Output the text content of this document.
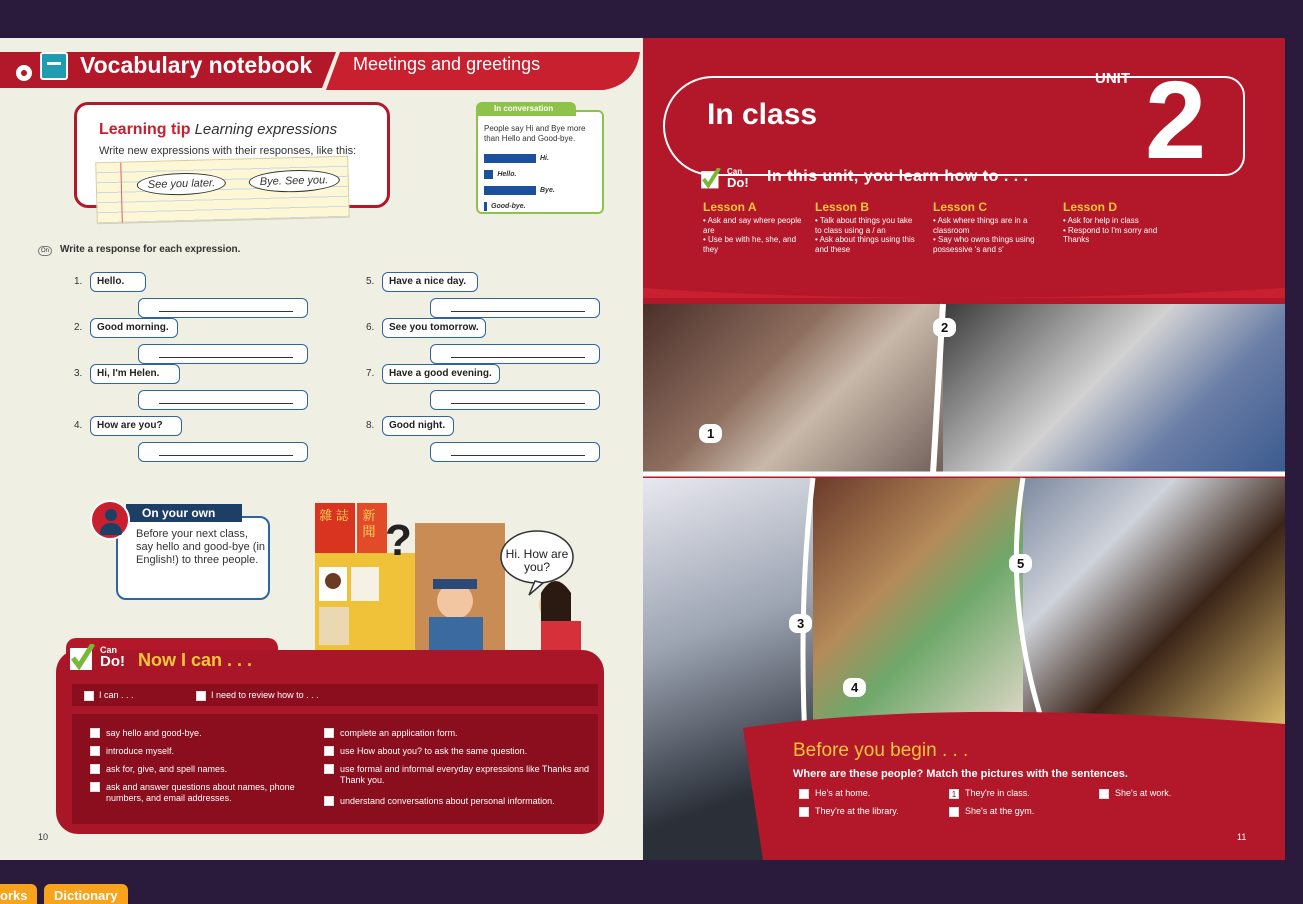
Vocabulary notebook Meetings and greetings
Learning tip Learning expressions
Write new expressions with their responses, like this:
See you later.	Bye. See you.
In conversation
People say Hi and Bye more than Hello and Good-bye.
Hi.
Hello.
Bye.
Good-bye.
On Write a response for each expression.
1.	Hello.
2.	Good morning.
3.	Hi, I'm Helen.
4.	How are you?
5.	Have a nice day.
6.	See you tomorrow.
7.	Have a good evening.
8.	Good night.
On your own
Before your next class, say hello and good-bye (in English!) to three people.	?	Hi. How are you?
雜 誌	新 聞
Can
Do! Now I can . . .
I can . . .	I need to review how to . . .
say hello and good-bye.
introduce myself.
ask for, give, and spell names.
ask and answer questions about names, phone numbers, and email addresses.
complete an application form.
use How about you? to ask the same question.
use formal and informal everyday expressions like Thanks and Thank you.
understand conversations about personal information.
10
In class
UNIT 2
Can
Do! In this unit, you learn how to . . .
Lesson A

• Ask and say where people are

• Use be with he, she, and they

Lesson B

• Talk about things you take to class using a / an

• Ask about things using this and these

Lesson C

• Ask where things are in a classroom

• Say who owns things using possessive 's and s'

Lesson D

• Ask for help in class

• Respond to I'm sorry and Thanks

1
2
3
4
5
Before you begin . . .
Where are these people? Match the pictures with the sentences.
He's at home.	1 They're in class.	She's at work.
They're at the library.	She's at the gym.
11
orks	Dictionary
